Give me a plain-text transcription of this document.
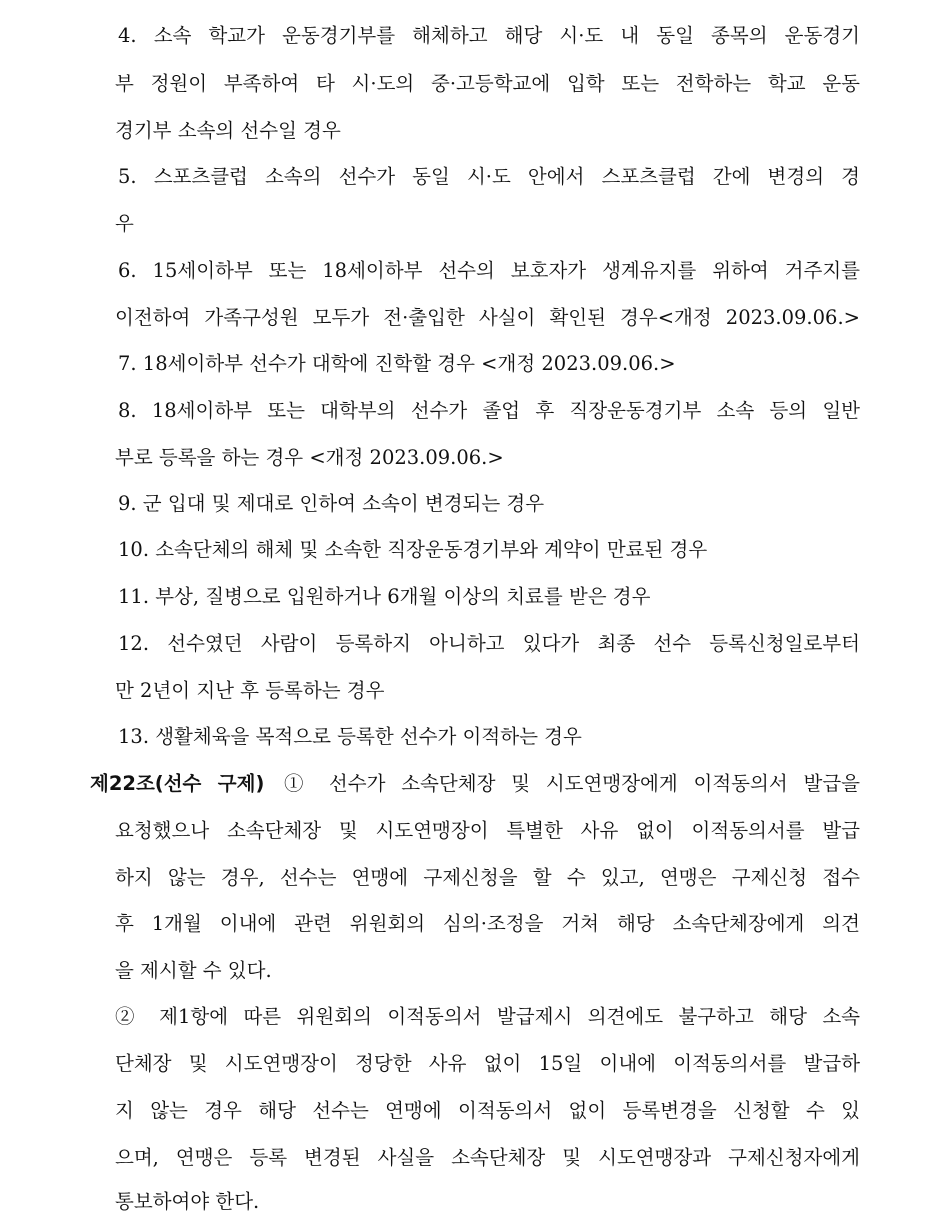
4. 소속 학교가 운동경기부를 해체하고 해당 시·도 내 동일 종목의 운동경기
부 정원이 부족하여 타 시·도의 중·고등학교에 입학 또는 전학하는 학교 운동
경기부 소속의 선수일 경우
5. 스포츠클럽 소속의 선수가 동일 시·도 안에서 스포츠클럽 간에 변경의 경
우
6. 15세이하부 또는 18세이하부 선수의 보호자가 생계유지를 위하여 거주지를
이전하여 가족구성원 모두가 전·출입한 사실이 확인된 경우<개정 2023.09.06.>
7. 18세이하부 선수가 대학에 진학할 경우 <개정 2023.09.06.>
8. 18세이하부 또는 대학부의 선수가 졸업 후 직장운동경기부 소속 등의 일반
부로 등록을 하는 경우 <개정 2023.09.06.>
9. 군 입대 및 제대로 인하여 소속이 변경되는 경우
10. 소속단체의 해체 및 소속한 직장운동경기부와 계약이 만료된 경우
11. 부상, 질병으로 입원하거나 6개월 이상의 치료를 받은 경우
12. 선수였던 사람이 등록하지 아니하고 있다가 최종 선수 등록신청일로부터
만 2년이 지난 후 등록하는 경우
13. 생활체육을 목적으로 등록한 선수가 이적하는 경우
제22조(선수 구제) ① 선수가 소속단체장 및 시도연맹장에게 이적동의서 발급을
요청했으나 소속단체장 및 시도연맹장이 특별한 사유 없이 이적동의서를 발급
하지 않는 경우, 선수는 연맹에 구제신청을 할 수 있고, 연맹은 구제신청 접수
후 1개월 이내에 관련 위원회의 심의·조정을 거쳐 해당 소속단체장에게 의견
을 제시할 수 있다.
② 제1항에 따른 위원회의 이적동의서 발급제시 의견에도 불구하고 해당 소속
단체장 및 시도연맹장이 정당한 사유 없이 15일 이내에 이적동의서를 발급하
지 않는 경우 해당 선수는 연맹에 이적동의서 없이 등록변경을 신청할 수 있
으며, 연맹은 등록 변경된 사실을 소속단체장 및 시도연맹장과 구제신청자에게
통보하여야 한다.
